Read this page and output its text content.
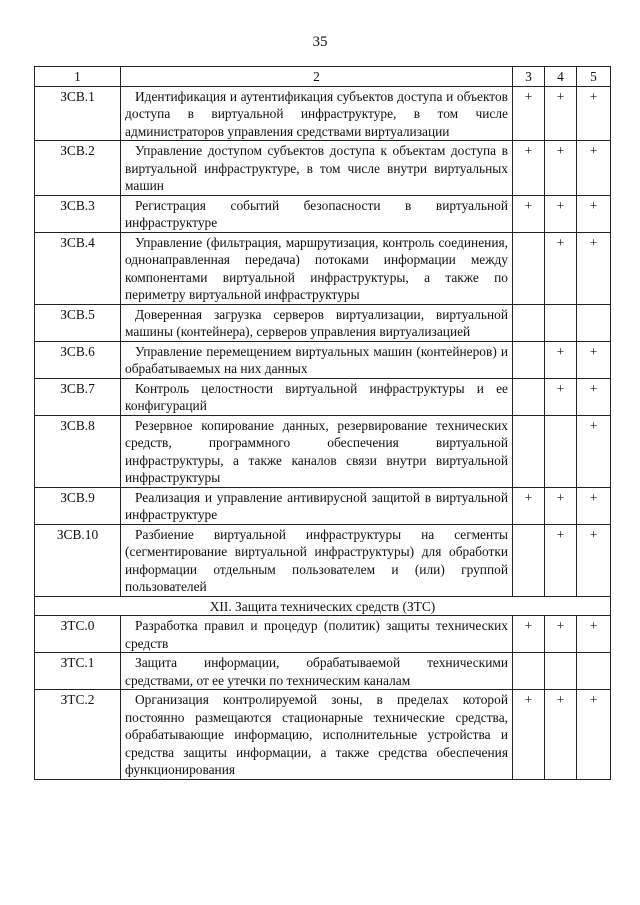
35
1	2	3	4	5
ЗСВ.1	Идентификация и аутентификация субъектов доступа и объектов доступа в виртуальной инфраструктуре, в том числе администраторов управления средствами виртуализации	+	+	+
ЗСВ.2	Управление доступом субъектов доступа к объектам доступа в виртуальной инфраструктуре, в том числе внутри виртуальных машин	+	+	+
ЗСВ.3	Регистрация событий безопасности в виртуальной инфраструктуре	+	+	+
ЗСВ.4	Управление (фильтрация, маршрутизация, контроль соединения, однонаправленная передача) потоками информации между компонентами виртуальной инфраструктуры, а также по периметру виртуальной инфраструктуры		+	+
ЗСВ.5	Доверенная загрузка серверов виртуализации, виртуальной машины (контейнера), серверов управления виртуализацией			
ЗСВ.6	Управление перемещением виртуальных машин (контейнеров) и обрабатываемых на них данных		+	+
ЗСВ.7	Контроль целостности виртуальной инфраструктуры и ее конфигураций		+	+
ЗСВ.8	Резервное копирование данных, резервирование технических средств, программного обеспечения виртуальной инфраструктуры, а также каналов связи внутри виртуальной инфраструктуры			+
ЗСВ.9	Реализация и управление антивирусной защитой в виртуальной инфраструктуре	+	+	+
ЗСВ.10	Разбиение виртуальной инфраструктуры на сегменты (сегментирование виртуальной инфраструктуры) для обработки информации отдельным пользователем и (или) группой пользователей		+	+
XII. Защита технических средств (ЗТС)				
ЗТС.0	Разработка правил и процедур (политик) защиты технических средств	+	+	+
ЗТС.1	Защита информации, обрабатываемой техническими средствами, от ее утечки по техническим каналам			
ЗТС.2	Организация контролируемой зоны, в пределах которой постоянно размещаются стационарные технические средства, обрабатывающие информацию, исполнительные устройства и средства защиты информации, а также средства обеспечения функционирования	+	+	+
